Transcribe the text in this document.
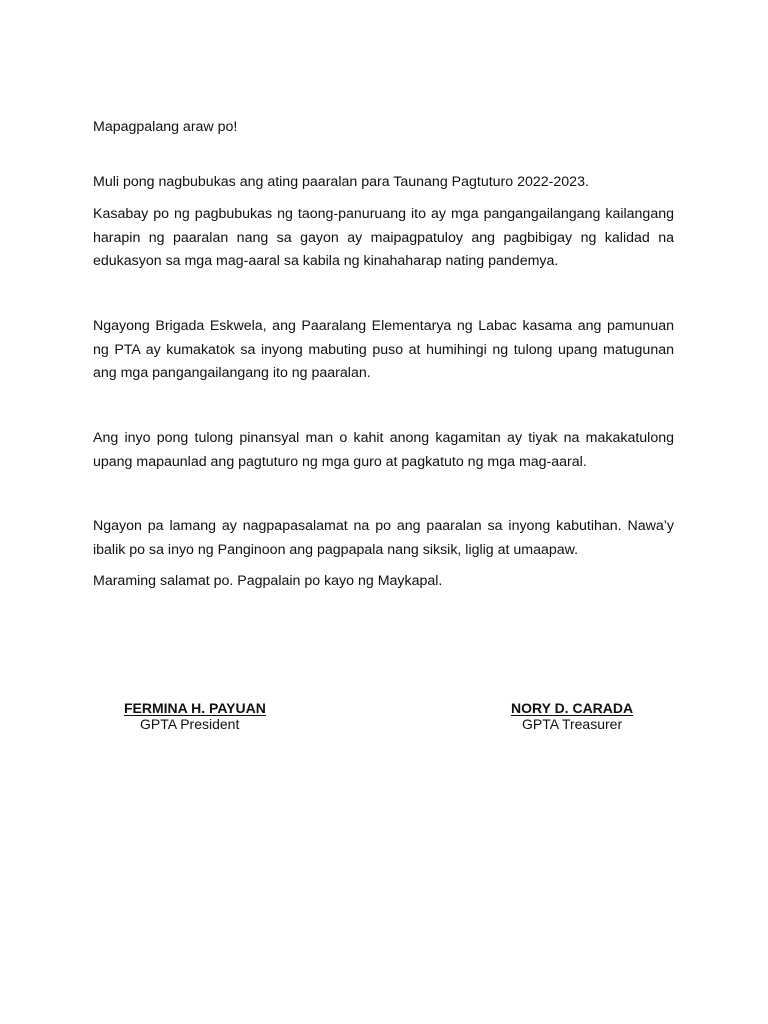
Mapagpalang araw po!

Muli pong nagbubukas ang ating paaralan para Taunang Pagtuturo 2022-2023.

Kasabay po ng pagbubukas ng taong-panuruang ito ay mga pangangailangang kailangang harapin ng paaralan nang sa gayon ay maipagpatuloy ang pagbibigay ng kalidad na edukasyon sa mga mag-aaral sa kabila ng kinahaharap nating pandemya.

Ngayong Brigada Eskwela, ang Paaralang Elementarya ng Labac kasama ang pamunuan ng PTA ay kumakatok sa inyong mabuting puso at humihingi ng tulong upang matugunan ang mga pangangailangang ito ng paaralan.

Ang inyo pong tulong pinansyal man o kahit anong kagamitan ay tiyak na makakatulong upang mapaunlad ang pagtuturo ng mga guro at pagkatuto ng mga mag-aaral.

Ngayon pa lamang ay nagpapasalamat na po ang paaralan sa inyong kabutihan. Nawa’y ibalik po sa inyo ng Panginoon ang pagpapala nang siksik, liglig at umaapaw.

Maraming salamat po. Pagpalain po kayo ng Maykapal.

FERMINA H. PAYUAN

GPTA President

NORY D. CARADA

GPTA Treasurer
